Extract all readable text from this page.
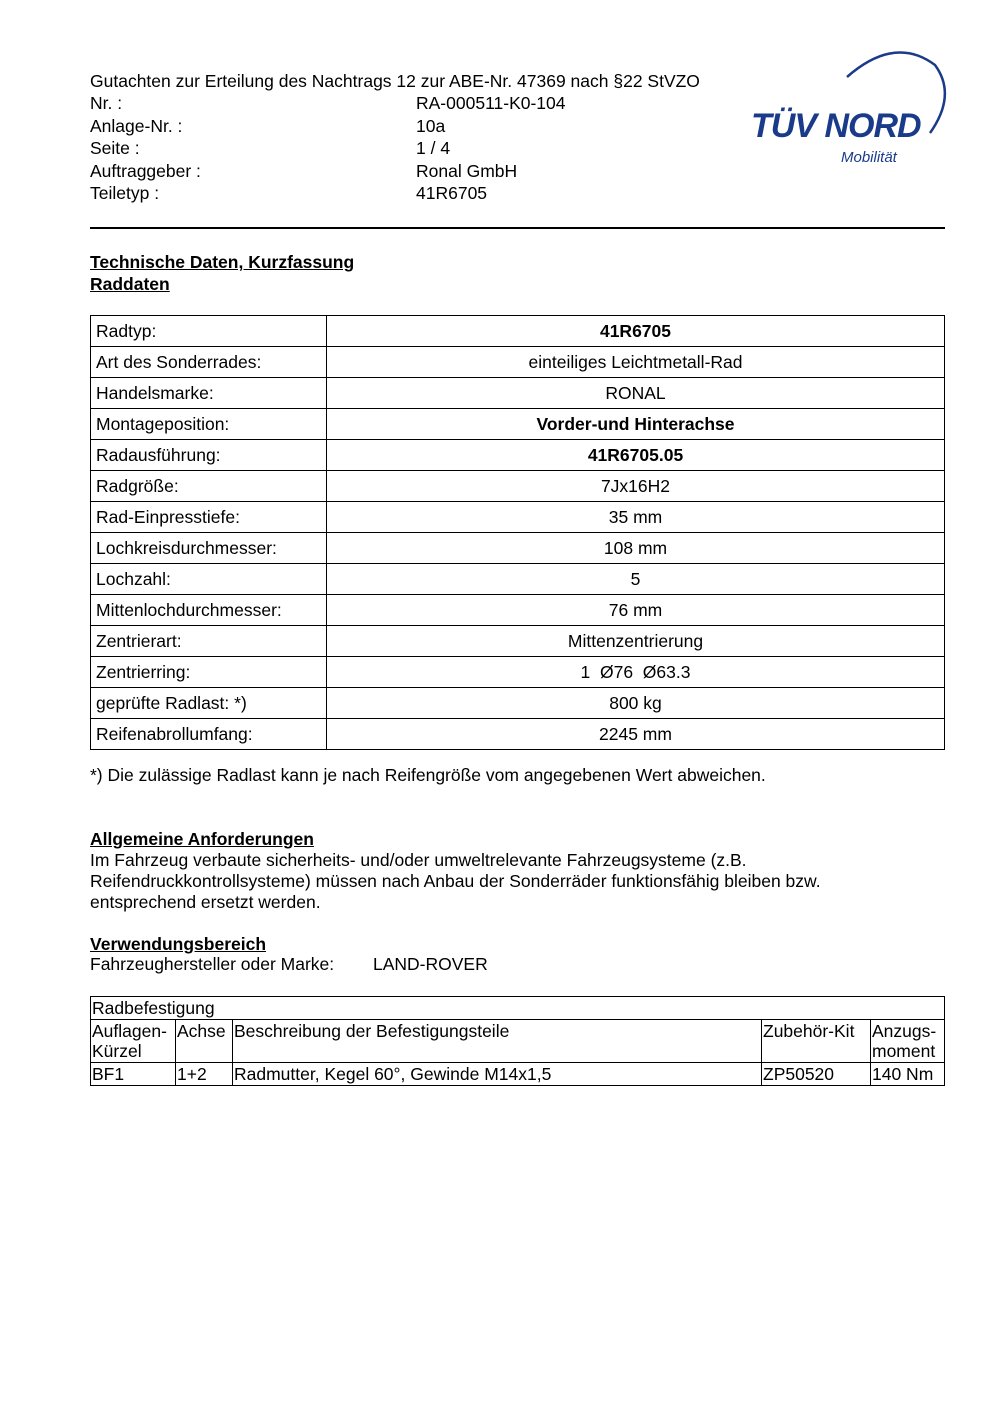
Gutachten zur Erteilung des Nachtrags 12 zur ABE-Nr. 47369 nach §22 StVZO
Nr. :	RA-000511-K0-104
Anlage-Nr. :	10a
Seite :	1 / 4
Auftraggeber :	Ronal GmbH
Teiletyp :	41R6705
TÜV NORD
Mobilität
Technische Daten, Kurzfassung
Raddaten
Radtyp:	41R6705
Art des Sonderrades:	einteiliges Leichtmetall-Rad
Handelsmarke:	RONAL
Montageposition:	Vorder-und Hinterachse
Radausführung:	41R6705.05
Radgröße:	7Jx16H2
Rad-Einpresstiefe:	35 mm
Lochkreisdurchmesser:	108 mm
Lochzahl:	5
Mittenlochdurchmesser:	76 mm
Zentrierart:	Mittenzentrierung
Zentrierring:	1  Ø76  Ø63.3
geprüfte Radlast: *)	800 kg
Reifenabrollumfang:	2245 mm
*) Die zulässige Radlast kann je nach Reifengröße vom angegebenen Wert abweichen.
Allgemeine Anforderungen
Im Fahrzeug verbaute sicherheits- und/oder umweltrelevante Fahrzeugsysteme (z.B. Reifendruckkontrollsysteme) müssen nach Anbau der Sonderräder funktionsfähig bleiben bzw. entsprechend ersetzt werden.
Verwendungsbereich
Fahrzeughersteller oder Marke: LAND-ROVER
Radbefestigung				
Auflagen-Kürzel	Achse	Beschreibung der Befestigungsteile	Zubehör-Kit	Anzugs-moment
BF1	1+2	Radmutter, Kegel 60°, Gewinde M14x1,5	ZP50520	140 Nm
